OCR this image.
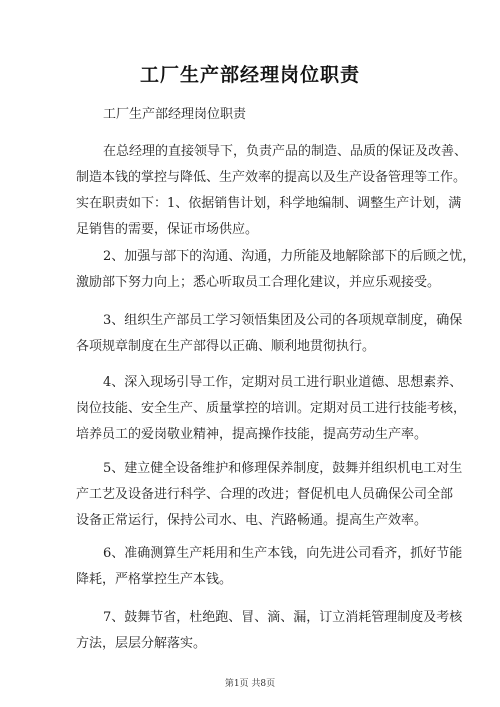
工厂生产部经理岗位职责
工厂生产部经理岗位职责
在总经理的直接领导下，负责产品的制造、品质的保证及改善、
制造本钱的掌控与降低、生产效率的提高以及生产设备管理等工作。
实在职责如下：1、依据销售计划，科学地编制、调整生产计划，满
足销售的需要，保证市场供应。
2、加强与部下的沟通、沟通，力所能及地解除部下的后顾之忧，
激励部下努力向上；悉心听取员工合理化建议，并应乐观接受。
3、组织生产部员工学习领悟集团及公司的各项规章制度，确保
各项规章制度在生产部得以正确、顺利地贯彻执行。
4、深入现场引导工作，定期对员工进行职业道德、思想素养、
岗位技能、安全生产、质量掌控的培训。定期对员工进行技能考核，
培养员工的爱岗敬业精神，提高操作技能，提高劳动生产率。
5、建立健全设备维护和修理保养制度，鼓舞并组织机电工对生
产工艺及设备进行科学、合理的改进；督促机电人员确保公司全部
设备正常运行，保持公司水、电、汽路畅通。提高生产效率。
6、准确测算生产耗用和生产本钱，向先进公司看齐，抓好节能
降耗，严格掌控生产本钱。
7、鼓舞节省，杜绝跑、冒、滴、漏，订立消耗管理制度及考核
方法，层层分解落实。
第1页 共8页
